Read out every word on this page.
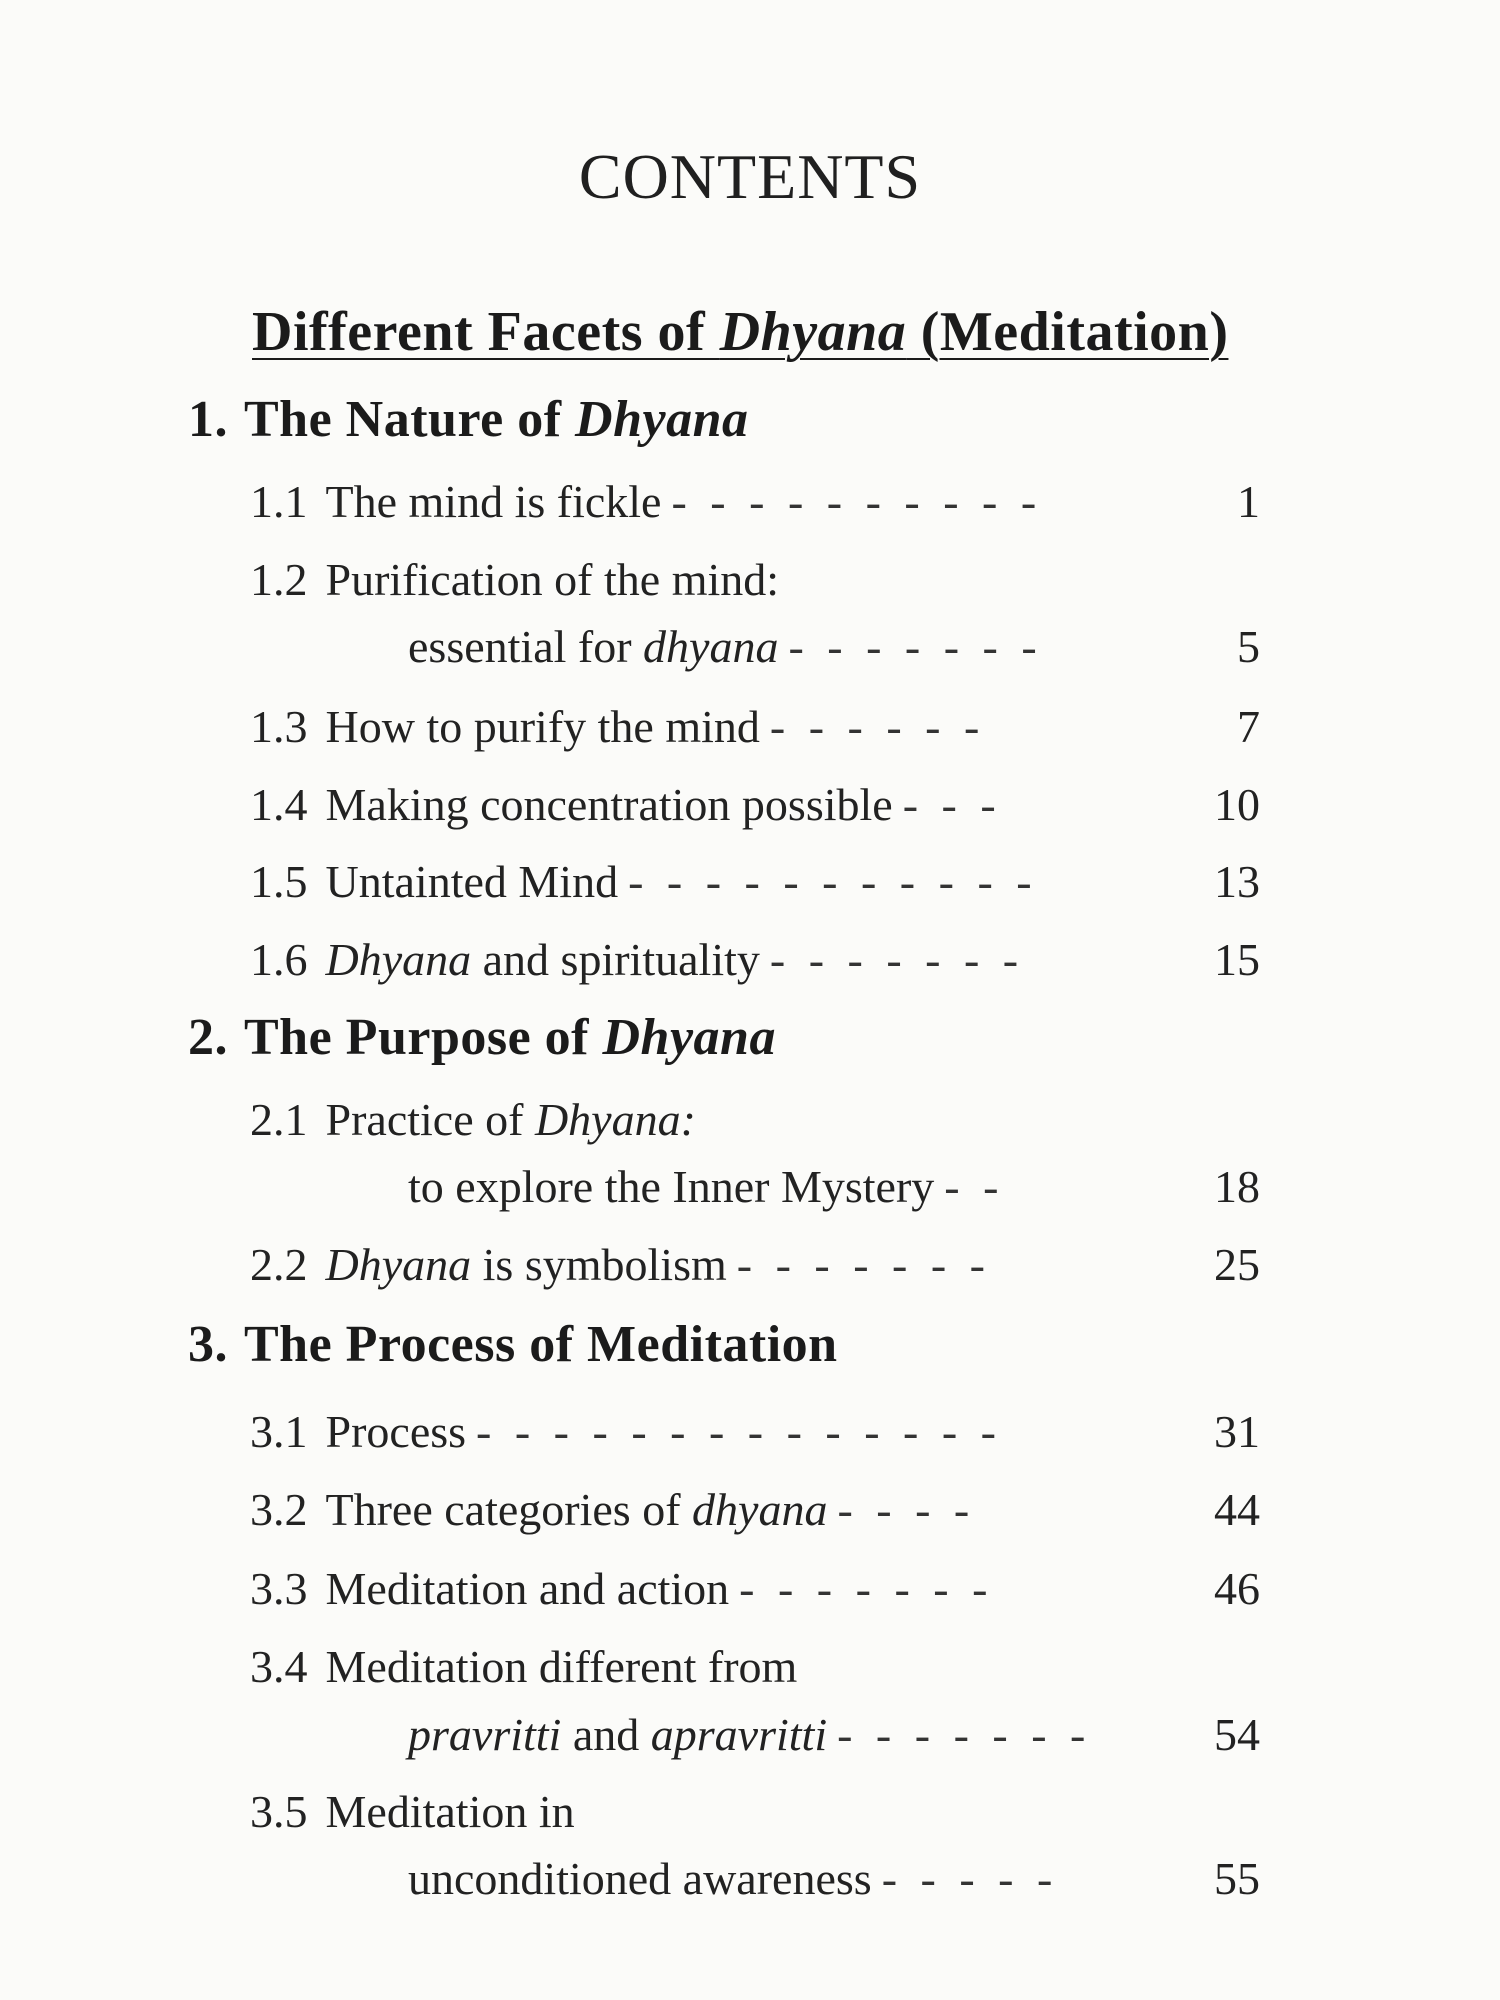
CONTENTS
Different Facets of Dhyana (Meditation)
1. The Nature of Dhyana
1.1 The mind is fickle - - - - - - - - - -	1
1.2 Purification of the mind:
essential for dhyana - - - - - - -	5
1.3 How to purify the mind - - - - - -	7
1.4 Making concentration possible - - -	10
1.5 Untainted Mind - - - - - - - - - - -	13
1.6 Dhyana and spirituality - - - - - - -	15
2. The Purpose of Dhyana
2.1 Practice of Dhyana:
to explore the Inner Mystery - -	18
2.2 Dhyana is symbolism - - - - - - -	25
3. The Process of Meditation
3.1 Process - - - - - - - - - - - - - -	31
3.2 Three categories of dhyana - - - -	44
3.3 Meditation and action - - - - - - -	46
3.4 Meditation different from
pravritti and apravritti - - - - - - -	54
3.5 Meditation in
unconditioned awareness - - - - -	55
